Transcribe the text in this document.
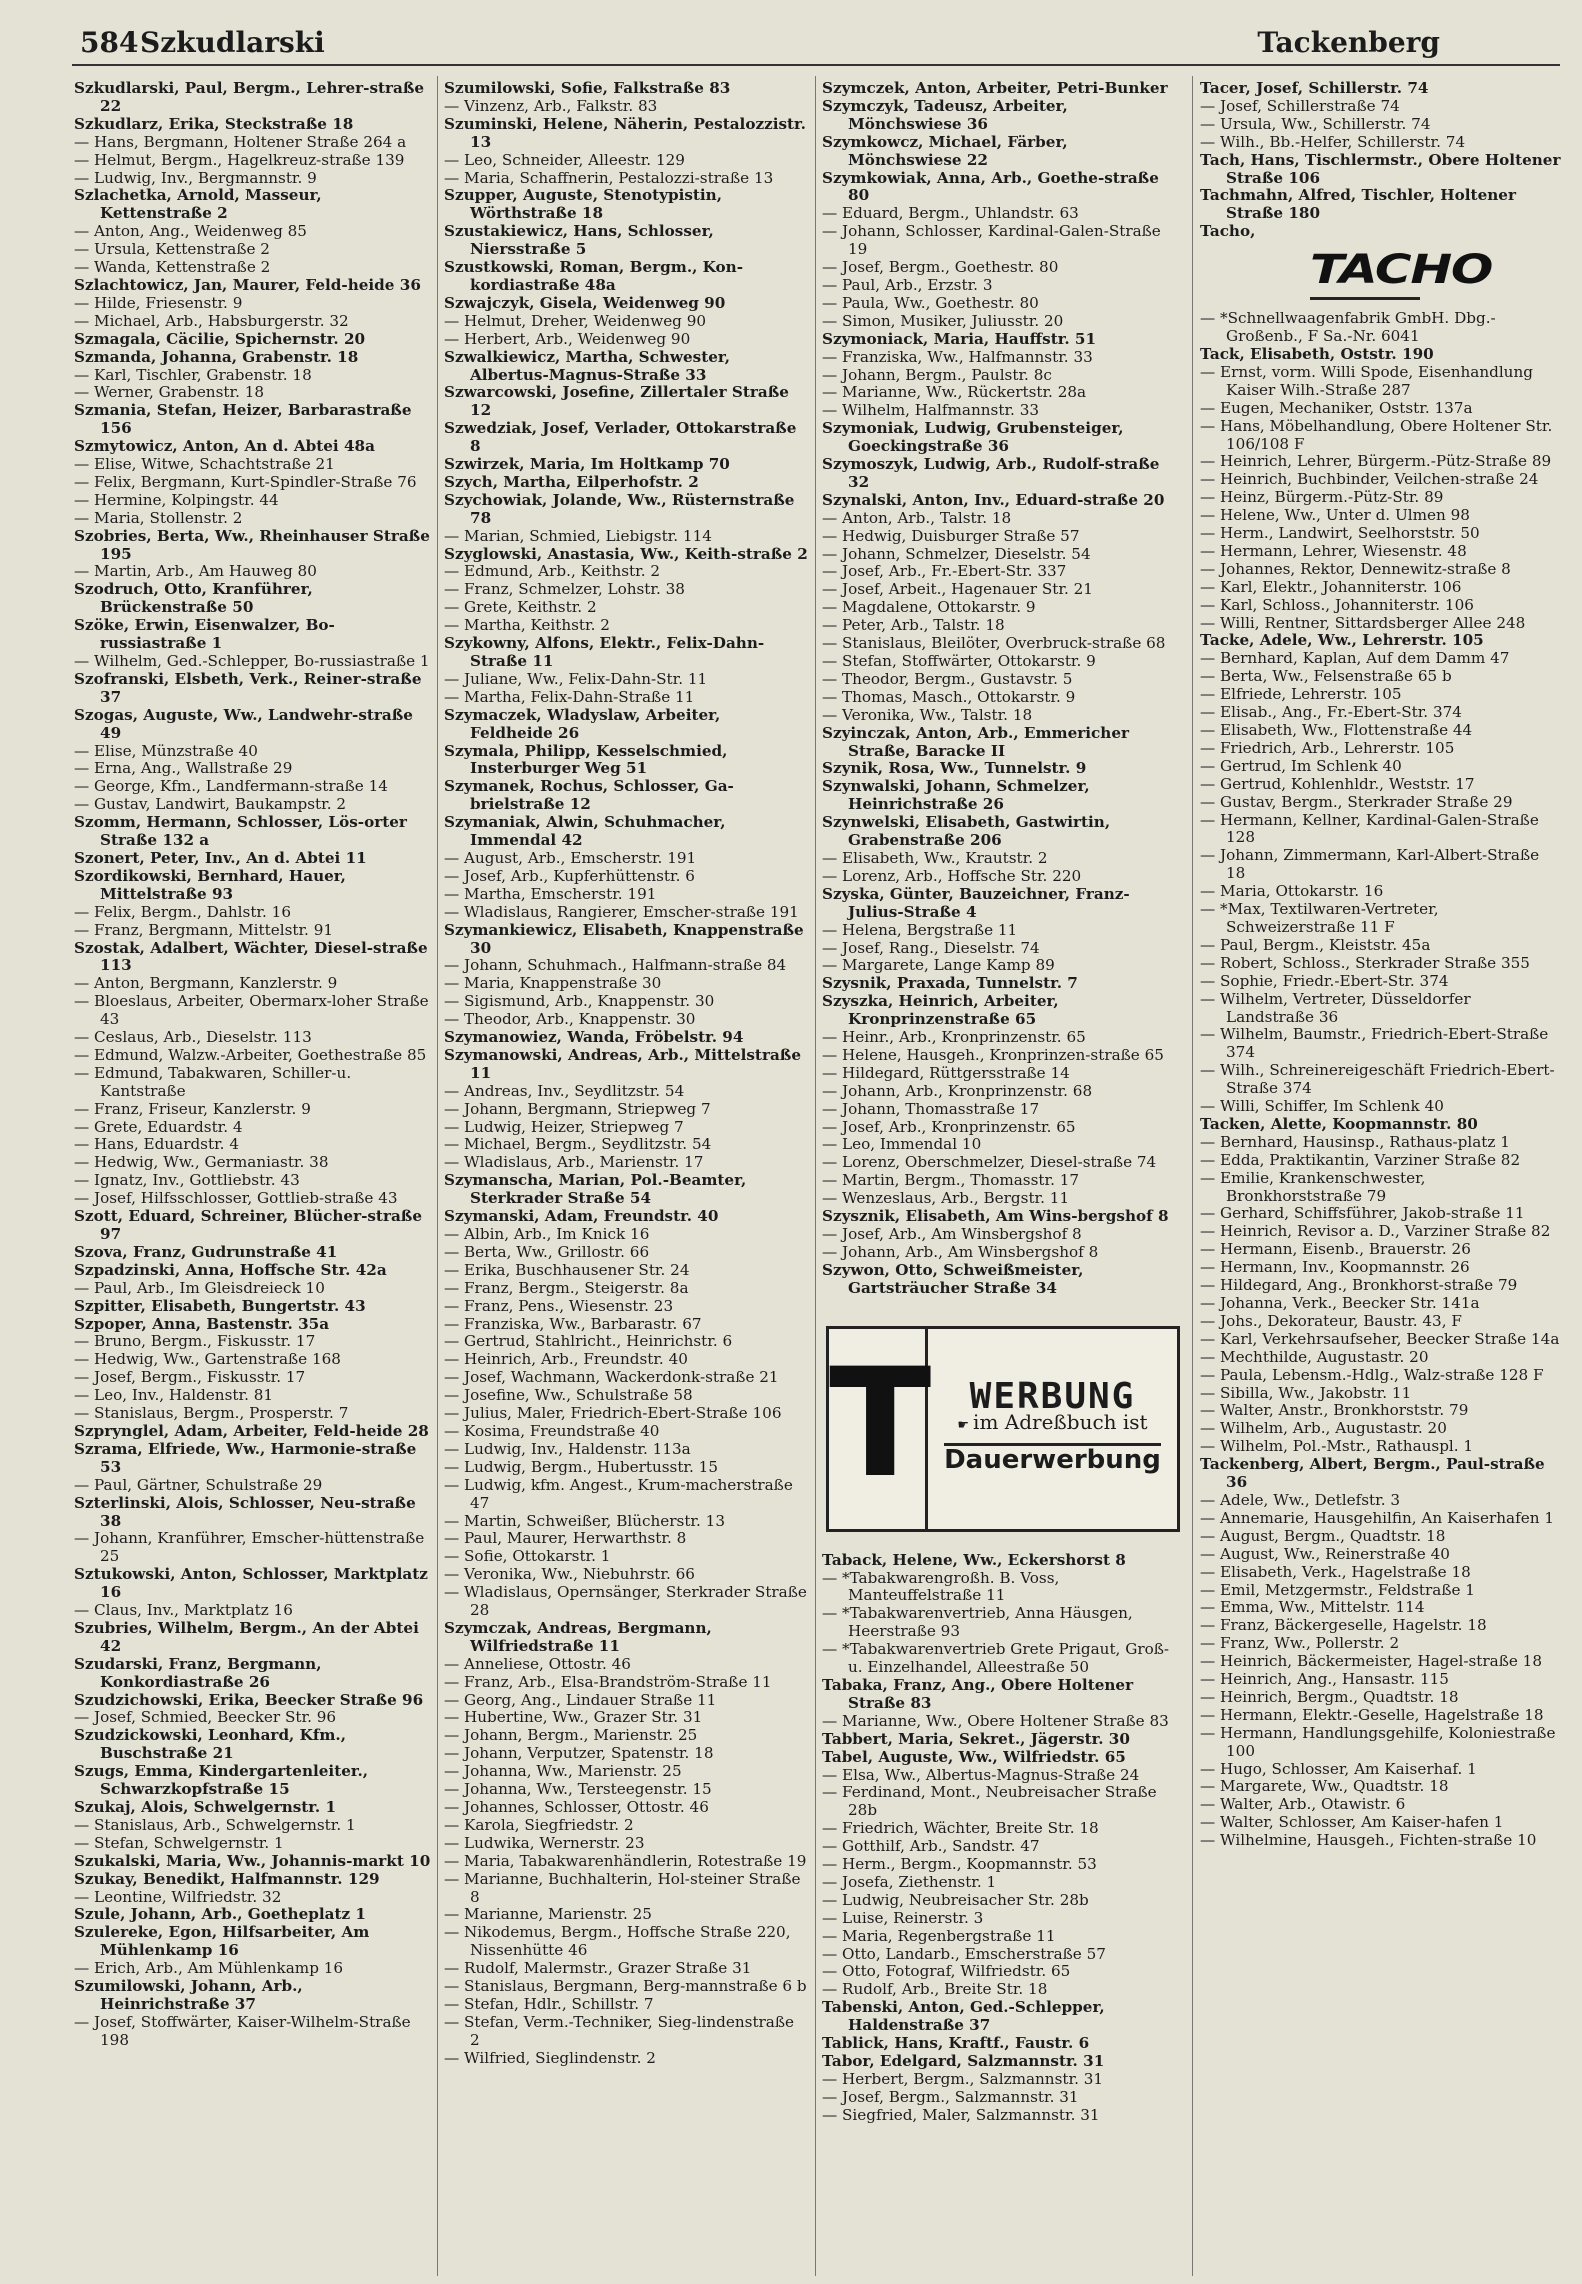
584 Szkudlarski	Tackenberg

Szkudlarski, Paul, Bergm., Lehrer-straße 22

Szkudlarz, Erika, Steckstraße 18

— Hans, Bergmann, Holtener Straße 264 a

— Helmut, Bergm., Hagelkreuz-straße 139

— Ludwig, Inv., Bergmannstr. 9

Szlachetka, Arnold, Masseur, Kettenstraße 2

— Anton, Ang., Weidenweg 85

— Ursula, Kettenstraße 2

— Wanda, Kettenstraße 2

Szlachtowicz, Jan, Maurer, Feld-heide 36

— Hilde, Friesenstr. 9

— Michael, Arb., Habsburgerstr. 32

Szmagala, Cäcilie, Spichernstr. 20

Szmanda, Johanna, Grabenstr. 18

— Karl, Tischler, Grabenstr. 18

— Werner, Grabenstr. 18

Szmania, Stefan, Heizer, Barbarastraße 156

Szmytowicz, Anton, An d. Abtei 48a

— Elise, Witwe, Schachtstraße 21

— Felix, Bergmann, Kurt-Spindler-Straße 76

— Hermine, Kolpingstr. 44

— Maria, Stollenstr. 2

Szobries, Berta, Ww., Rheinhauser Straße 195

— Martin, Arb., Am Hauweg 80

Szodruch, Otto, Kranführer, Brückenstraße 50

Szöke, Erwin, Eisenwalzer, Bo-russiastraße 1

— Wilhelm, Ged.-Schlepper, Bo-russiastraße 1

Szofranski, Elsbeth, Verk., Reiner-straße 37

Szogas, Auguste, Ww., Landwehr-straße 49

— Elise, Münzstraße 40

— Erna, Ang., Wallstraße 29

— George, Kfm., Landfermann-straße 14

— Gustav, Landwirt, Baukampstr. 2

Szomm, Hermann, Schlosser, Lös-orter Straße 132 a

Szonert, Peter, Inv., An d. Abtei 11

Szordikowski, Bernhard, Hauer, Mittelstraße 93

— Felix, Bergm., Dahlstr. 16

— Franz, Bergmann, Mittelstr. 91

Szostak, Adalbert, Wächter, Diesel-straße 113

— Anton, Bergmann, Kanzlerstr. 9

— Bloeslaus, Arbeiter, Obermarx-loher Straße 43

— Ceslaus, Arb., Dieselstr. 113

— Edmund, Walzw.-Arbeiter, Goethestraße 85

— Edmund, Tabakwaren, Schiller-u. Kantstraße

— Franz, Friseur, Kanzlerstr. 9

— Grete, Eduardstr. 4

— Hans, Eduardstr. 4

— Hedwig, Ww., Germaniastr. 38

— Ignatz, Inv., Gottliebstr. 43

— Josef, Hilfsschlosser, Gottlieb-straße 43

Szott, Eduard, Schreiner, Blücher-straße 97

Szova, Franz, Gudrunstraße 41

Szpadzinski, Anna, Hoffsche Str. 42a

— Paul, Arb., Im Gleisdreieck 10

Szpitter, Elisabeth, Bungertstr. 43

Szpoper, Anna, Bastenstr. 35a

— Bruno, Bergm., Fiskusstr. 17

— Hedwig, Ww., Gartenstraße 168

— Josef, Bergm., Fiskusstr. 17

— Leo, Inv., Haldenstr. 81

— Stanislaus, Bergm., Prosperstr. 7

Szprynglel, Adam, Arbeiter, Feld-heide 28

Szrama, Elfriede, Ww., Harmonie-straße 53

— Paul, Gärtner, Schulstraße 29

Szterlinski, Alois, Schlosser, Neu-straße 38

— Johann, Kranführer, Emscher-hüttenstraße 25

Sztukowski, Anton, Schlosser, Marktplatz 16

— Claus, Inv., Marktplatz 16

Szubries, Wilhelm, Bergm., An der Abtei 42

Szudarski, Franz, Bergmann, Konkordiastraße 26

Szudzichowski, Erika, Beecker Straße 96

— Josef, Schmied, Beecker Str. 96

Szudzickowski, Leonhard, Kfm., Buschstraße 21

Szugs, Emma, Kindergartenleiter., Schwarzkopfstraße 15

Szukaj, Alois, Schwelgernstr. 1

— Stanislaus, Arb., Schwelgernstr. 1

— Stefan, Schwelgernstr. 1

Szukalski, Maria, Ww., Johannis-markt 10

Szukay, Benedikt, Halfmannstr. 129

— Leontine, Wilfriedstr. 32

Szule, Johann, Arb., Goetheplatz 1

Szulereke, Egon, Hilfsarbeiter, Am Mühlenkamp 16

— Erich, Arb., Am Mühlenkamp 16

Szumilowski, Johann, Arb., Heinrichstraße 37

— Josef, Stoffwärter, Kaiser-Wilhelm-Straße 198

Szumilowski, Sofie, Falkstraße 83

— Vinzenz, Arb., Falkstr. 83

Szuminski, Helene, Näherin, Pestalozzistr. 13

— Leo, Schneider, Alleestr. 129

— Maria, Schaffnerin, Pestalozzi-straße 13

Szupper, Auguste, Stenotypistin, Wörthstraße 18

Szustakiewicz, Hans, Schlosser, Niersstraße 5

Szustkowski, Roman, Bergm., Kon-kordiastraße 48a

Szwajczyk, Gisela, Weidenweg 90

— Helmut, Dreher, Weidenweg 90

— Herbert, Arb., Weidenweg 90

Szwalkiewicz, Martha, Schwester, Albertus-Magnus-Straße 33

Szwarcowski, Josefine, Zillertaler Straße 12

Szwedziak, Josef, Verlader, Ottokarstraße 8

Szwirzek, Maria, Im Holtkamp 70

Szych, Martha, Eilperhofstr. 2

Szychowiak, Jolande, Ww., Rüsternstraße 78

— Marian, Schmied, Liebigstr. 114

Szyglowski, Anastasia, Ww., Keith-straße 2

— Edmund, Arb., Keithstr. 2

— Franz, Schmelzer, Lohstr. 38

— Grete, Keithstr. 2

— Martha, Keithstr. 2

Szykowny, Alfons, Elektr., Felix-Dahn-Straße 11

— Juliane, Ww., Felix-Dahn-Str. 11

— Martha, Felix-Dahn-Straße 11

Szymaczek, Wladyslaw, Arbeiter, Feldheide 26

Szymala, Philipp, Kesselschmied, Insterburger Weg 51

Szymanek, Rochus, Schlosser, Ga-brielstraße 12

Szymaniak, Alwin, Schuhmacher, Immendal 42

— August, Arb., Emscherstr. 191

— Josef, Arb., Kupferhüttenstr. 6

— Martha, Emscherstr. 191

— Wladislaus, Rangierer, Emscher-straße 191

Szymankiewicz, Elisabeth, Knappenstraße 30

— Johann, Schuhmach., Halfmann-straße 84

— Maria, Knappenstraße 30

— Sigismund, Arb., Knappenstr. 30

— Theodor, Arb., Knappenstr. 30

Szymanowiez, Wanda, Fröbelstr. 94

Szymanowski, Andreas, Arb., Mittelstraße 11

— Andreas, Inv., Seydlitzstr. 54

— Johann, Bergmann, Striepweg 7

— Ludwig, Heizer, Striepweg 7

— Michael, Bergm., Seydlitzstr. 54

— Wladislaus, Arb., Marienstr. 17

Szymanscha, Marian, Pol.-Beamter, Sterkrader Straße 54

Szymanski, Adam, Freundstr. 40

— Albin, Arb., Im Knick 16

— Berta, Ww., Grillostr. 66

— Erika, Buschhausener Str. 24

— Franz, Bergm., Steigerstr. 8a

— Franz, Pens., Wiesenstr. 23

— Franziska, Ww., Barbarastr. 67

— Gertrud, Stahlricht., Heinrichstr. 6

— Heinrich, Arb., Freundstr. 40

— Josef, Wachmann, Wackerdonk-straße 21

— Josefine, Ww., Schulstraße 58

— Julius, Maler, Friedrich-Ebert-Straße 106

— Kosima, Freundstraße 40

— Ludwig, Inv., Haldenstr. 113a

— Ludwig, Bergm., Hubertusstr. 15

— Ludwig, kfm. Angest., Krum-macherstraße 47

— Martin, Schweißer, Blücherstr. 13

— Paul, Maurer, Herwarthstr. 8

— Sofie, Ottokarstr. 1

— Veronika, Ww., Niebuhrstr. 66

— Wladislaus, Opernsänger, Sterkrader Straße 28

Szymczak, Andreas, Bergmann, Wilfriedstraße 11

— Anneliese, Ottostr. 46

— Franz, Arb., Elsa-Brandström-Straße 11

— Georg, Ang., Lindauer Straße 11

— Hubertine, Ww., Grazer Str. 31

— Johann, Bergm., Marienstr. 25

— Johann, Verputzer, Spatenstr. 18

— Johanna, Ww., Marienstr. 25

— Johanna, Ww., Tersteegenstr. 15

— Johannes, Schlosser, Ottostr. 46

— Karola, Siegfriedstr. 2

— Ludwika, Wernerstr. 23

— Maria, Tabakwarenhändlerin, Rotestraße 19

— Marianne, Buchhalterin, Hol-steiner Straße 8

— Marianne, Marienstr. 25

— Nikodemus, Bergm., Hoffsche Straße 220, Nissenhütte 46

— Rudolf, Malermstr., Grazer Straße 31

— Stanislaus, Bergmann, Berg-mannstraße 6 b

— Stefan, Hdlr., Schillstr. 7

— Stefan, Verm.-Techniker, Sieg-lindenstraße 2

— Wilfried, Sieglindenstr. 2

Szymczek, Anton, Arbeiter, Petri-Bunker

Szymczyk, Tadeusz, Arbeiter, Mönchswiese 36

Szymkowcz, Michael, Färber, Mönchswiese 22

Szymkowiak, Anna, Arb., Goethe-straße 80

— Eduard, Bergm., Uhlandstr. 63

— Johann, Schlosser, Kardinal-Galen-Straße 19

— Josef, Bergm., Goethestr. 80

— Paul, Arb., Erzstr. 3

— Paula, Ww., Goethestr. 80

— Simon, Musiker, Juliusstr. 20

Szymoniack, Maria, Hauffstr. 51

— Franziska, Ww., Halfmannstr. 33

— Johann, Bergm., Paulstr. 8c

— Marianne, Ww., Rückertstr. 28a

— Wilhelm, Halfmannstr. 33

Szymoniak, Ludwig, Grubensteiger, Goeckingstraße 36

Szymoszyk, Ludwig, Arb., Rudolf-straße 32

Szynalski, Anton, Inv., Eduard-straße 20

— Anton, Arb., Talstr. 18

— Hedwig, Duisburger Straße 57

— Johann, Schmelzer, Dieselstr. 54

— Josef, Arb., Fr.-Ebert-Str. 337

— Josef, Arbeit., Hagenauer Str. 21

— Magdalene, Ottokarstr. 9

— Peter, Arb., Talstr. 18

— Stanislaus, Bleilöter, Overbruck-straße 68

— Stefan, Stoffwärter, Ottokarstr. 9

— Theodor, Bergm., Gustavstr. 5

— Thomas, Masch., Ottokarstr. 9

— Veronika, Ww., Talstr. 18

Szyinczak, Anton, Arb., Emmericher Straße, Baracke II

Szynik, Rosa, Ww., Tunnelstr. 9

Szynwalski, Johann, Schmelzer, Heinrichstraße 26

Szynwelski, Elisabeth, Gastwirtin, Grabenstraße 206

— Elisabeth, Ww., Krautstr. 2

— Lorenz, Arb., Hoffsche Str. 220

Szyska, Günter, Bauzeichner, Franz-Julius-Straße 4

— Helena, Bergstraße 11

— Josef, Rang., Dieselstr. 74

— Margarete, Lange Kamp 89

Szysnik, Praxada, Tunnelstr. 7

Szyszka, Heinrich, Arbeiter, Kronprinzenstraße 65

— Heinr., Arb., Kronprinzenstr. 65

— Helene, Hausgeh., Kronprinzen-straße 65

— Hildegard, Rüttgersstraße 14

— Johann, Arb., Kronprinzenstr. 68

— Johann, Thomasstraße 17

— Josef, Arb., Kronprinzenstr. 65

— Leo, Immendal 10

— Lorenz, Oberschmelzer, Diesel-straße 74

— Martin, Bergm., Thomasstr. 17

— Wenzeslaus, Arb., Bergstr. 11

Szysznik, Elisabeth, Am Wins-bergshof 8

— Josef, Arb., Am Winsbergshof 8

— Johann, Arb., Am Winsbergshof 8

Szywon, Otto, Schweißmeister, Gartsträucher Straße 34

T WERBUNG
☛ im Adreßbuch ist
Dauerwerbung

Taback, Helene, Ww., Eckershorst 8

— *Tabakwarengroßh. B. Voss, Manteuffelstraße 11

— *Tabakwarenvertrieb, Anna Häusgen, Heerstraße 93

— *Tabakwarenvertrieb Grete Prigaut, Groß- u. Einzelhandel, Alleestraße 50

Tabaka, Franz, Ang., Obere Holtener Straße 83

— Marianne, Ww., Obere Holtener Straße 83

Tabbert, Maria, Sekret., Jägerstr. 30

Tabel, Auguste, Ww., Wilfriedstr. 65

— Elsa, Ww., Albertus-Magnus-Straße 24

— Ferdinand, Mont., Neubreisacher Straße 28b

— Friedrich, Wächter, Breite Str. 18

— Gotthilf, Arb., Sandstr. 47

— Herm., Bergm., Koopmannstr. 53

— Josefa, Ziethenstr. 1

— Ludwig, Neubreisacher Str. 28b

— Luise, Reinerstr. 3

— Maria, Regenbergstraße 11

— Otto, Landarb., Emscherstraße 57

— Otto, Fotograf, Wilfriedstr. 65

— Rudolf, Arb., Breite Str. 18

Tabenski, Anton, Ged.-Schlepper, Haldenstraße 37

Tablick, Hans, Kraftf., Faustr. 6

Tabor, Edelgard, Salzmannstr. 31

— Herbert, Bergm., Salzmannstr. 31

— Josef, Bergm., Salzmannstr. 31

— Siegfried, Maler, Salzmannstr. 31

Tacer, Josef, Schillerstr. 74

— Josef, Schillerstraße 74

— Ursula, Ww., Schillerstr. 74

— Wilh., Bb.-Helfer, Schillerstr. 74

Tach, Hans, Tischlermstr., Obere Holtener Straße 106

Tachmahn, Alfred, Tischler, Holtener Straße 180

Tacho,

TACHO

— *Schnellwaagenfabrik GmbH. Dbg.-Großenb., F Sa.-Nr. 6041

Tack, Elisabeth, Oststr. 190

— Ernst, vorm. Willi Spode, Eisenhandlung Kaiser Wilh.-Straße 287

— Eugen, Mechaniker, Oststr. 137a

— Hans, Möbelhandlung, Obere Holtener Str. 106/108 F

— Heinrich, Lehrer, Bürgerm.-Pütz-Straße 89

— Heinrich, Buchbinder, Veilchen-straße 24

— Heinz, Bürgerm.-Pütz-Str. 89

— Helene, Ww., Unter d. Ulmen 98

— Herm., Landwirt, Seelhorststr. 50

— Hermann, Lehrer, Wiesenstr. 48

— Johannes, Rektor, Dennewitz-straße 8

— Karl, Elektr., Johanniterstr. 106

— Karl, Schloss., Johanniterstr. 106

— Willi, Rentner, Sittardsberger Allee 248

Tacke, Adele, Ww., Lehrerstr. 105

— Bernhard, Kaplan, Auf dem Damm 47

— Berta, Ww., Felsenstraße 65 b

— Elfriede, Lehrerstr. 105

— Elisab., Ang., Fr.-Ebert-Str. 374

— Elisabeth, Ww., Flottenstraße 44

— Friedrich, Arb., Lehrerstr. 105

— Gertrud, Im Schlenk 40

— Gertrud, Kohlenhldr., Weststr. 17

— Gustav, Bergm., Sterkrader Straße 29

— Hermann, Kellner, Kardinal-Galen-Straße 128

— Johann, Zimmermann, Karl-Albert-Straße 18

— Maria, Ottokarstr. 16

— *Max, Textilwaren-Vertreter, Schweizerstraße 11 F

— Paul, Bergm., Kleiststr. 45a

— Robert, Schloss., Sterkrader Straße 355

— Sophie, Friedr.-Ebert-Str. 374

— Wilhelm, Vertreter, Düsseldorfer Landstraße 36

— Wilhelm, Baumstr., Friedrich-Ebert-Straße 374

— Wilh., Schreinereigeschäft Friedrich-Ebert-Straße 374

— Willi, Schiffer, Im Schlenk 40

Tacken, Alette, Koopmannstr. 80

— Bernhard, Hausinsp., Rathaus-platz 1

— Edda, Praktikantin, Varziner Straße 82

— Emilie, Krankenschwester, Bronkhorststraße 79

— Gerhard, Schiffsführer, Jakob-straße 11

— Heinrich, Revisor a. D., Varziner Straße 82

— Hermann, Eisenb., Brauerstr. 26

— Hermann, Inv., Koopmannstr. 26

— Hildegard, Ang., Bronkhorst-straße 79

— Johanna, Verk., Beecker Str. 141a

— Johs., Dekorateur, Baustr. 43, F

— Karl, Verkehrsaufseher, Beecker Straße 14a

— Mechthilde, Augustastr. 20

— Paula, Lebensm.-Hdlg., Walz-straße 128 F

— Sibilla, Ww., Jakobstr. 11

— Walter, Anstr., Bronkhorststr. 79

— Wilhelm, Arb., Augustastr. 20

— Wilhelm, Pol.-Mstr., Rathauspl. 1

Tackenberg, Albert, Bergm., Paul-straße 36

— Adele, Ww., Detlefstr. 3

— Annemarie, Hausgehilfin, An Kaiserhafen 1

— August, Bergm., Quadtstr. 18

— August, Ww., Reinerstraße 40

— Elisabeth, Verk., Hagelstraße 18

— Emil, Metzgermstr., Feldstraße 1

— Emma, Ww., Mittelstr. 114

— Franz, Bäckergeselle, Hagelstr. 18

— Franz, Ww., Pollerstr. 2

— Heinrich, Bäckermeister, Hagel-straße 18

— Heinrich, Ang., Hansastr. 115

— Heinrich, Bergm., Quadtstr. 18

— Hermann, Elektr.-Geselle, Hagelstraße 18

— Hermann, Handlungsgehilfe, Koloniestraße 100

— Hugo, Schlosser, Am Kaiserhaf. 1

— Margarete, Ww., Quadtstr. 18

— Walter, Arb., Otawistr. 6

— Walter, Schlosser, Am Kaiser-hafen 1

— Wilhelmine, Hausgeh., Fichten-straße 10
